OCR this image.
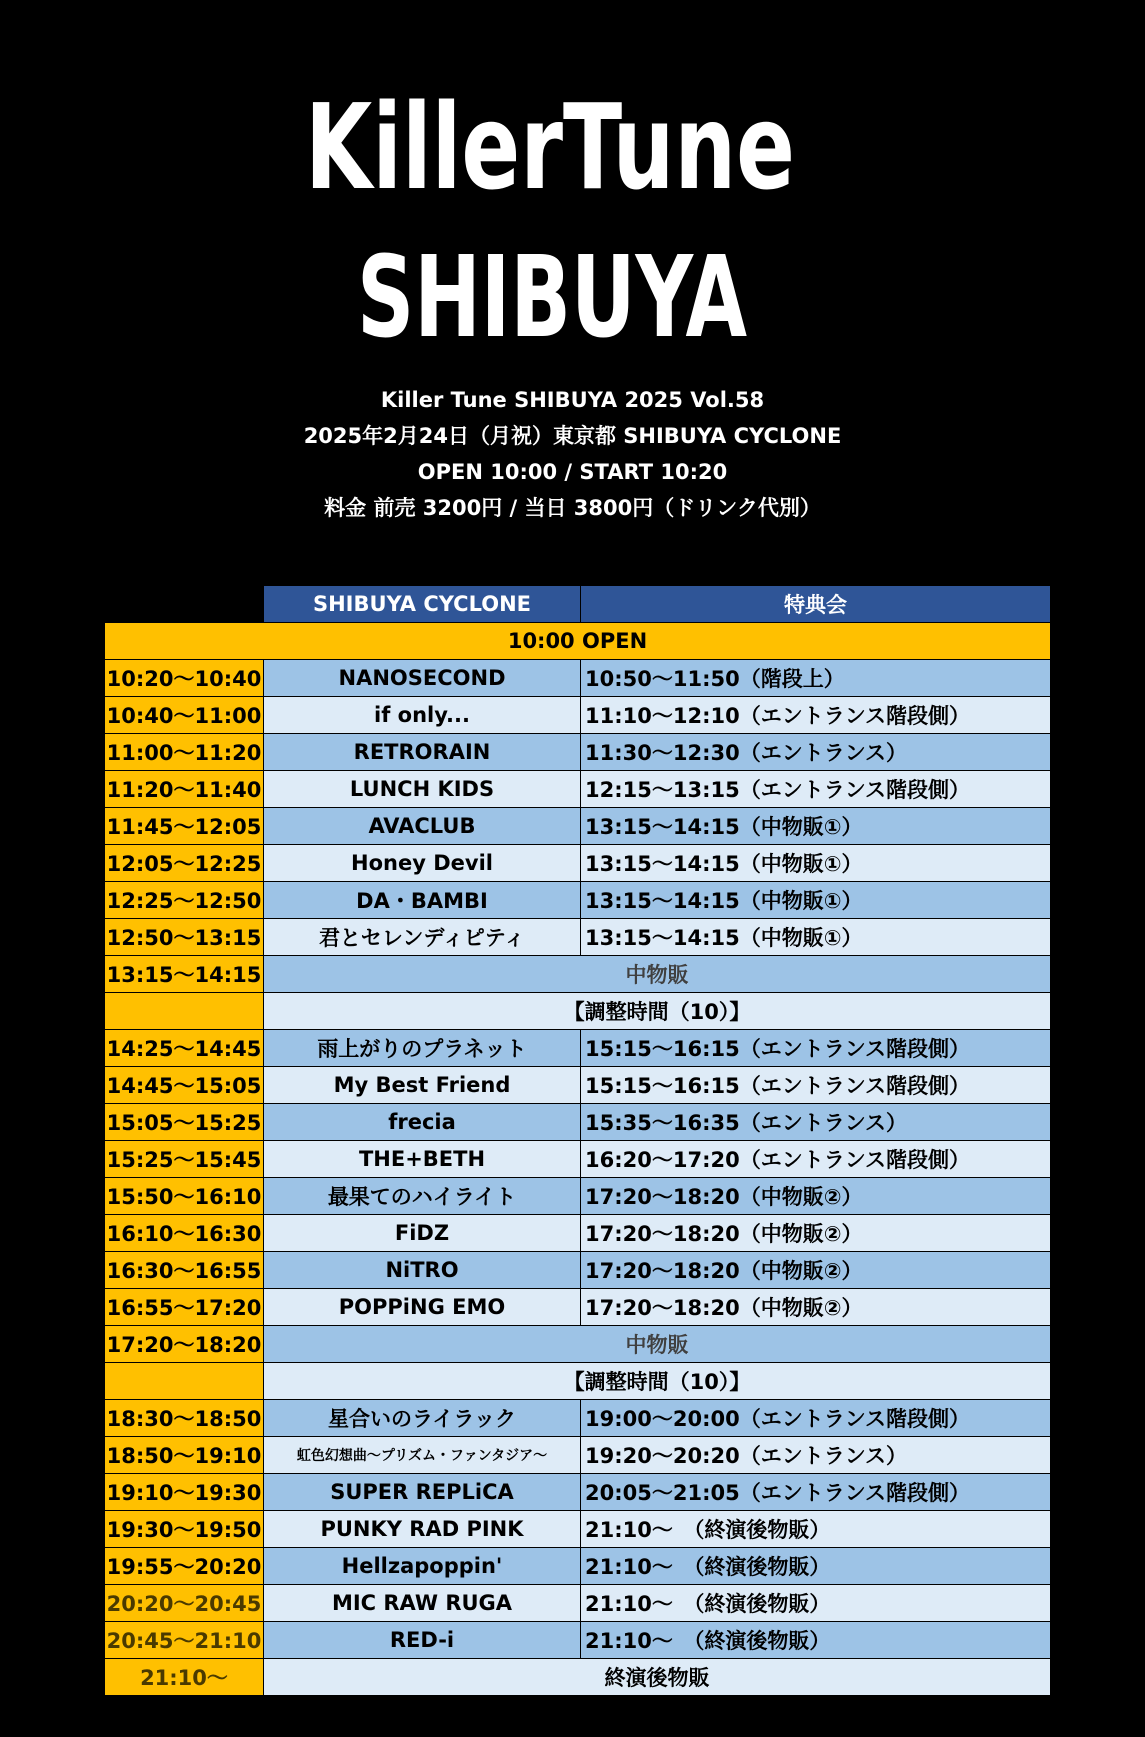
KillerTune
SHIBUYA
Killer Tune SHIBUYA 2025 Vol.58
2025年2月24日（月祝）東京都 SHIBUYA CYCLONE
OPEN 10:00 / START 10:20
料金 前売 3200円 / 当日 3800円（ドリンク代別）
	SHIBUYA CYCLONE	特典会
10:00 OPEN		
10:20～10:40	NANOSECOND	10:50～11:50（階段上）
10:40～11:00	if only...	11:10～12:10（エントランス階段側）
11:00～11:20	RETRORAIN	11:30～12:30（エントランス）
11:20～11:40	LUNCH KIDS	12:15～13:15（エントランス階段側）
11:45～12:05	AVACLUB	13:15～14:15（中物販①）
12:05～12:25	Honey Devil	13:15～14:15（中物販①）
12:25～12:50	DA・BAMBI	13:15～14:15（中物販①）
12:50～13:15	君とセレンディピティ	13:15～14:15（中物販①）
13:15～14:15	中物販	
	【調整時間（10）】	
14:25～14:45	雨上がりのプラネット	15:15～16:15（エントランス階段側）
14:45～15:05	My Best Friend	15:15～16:15（エントランス階段側）
15:05～15:25	frecia	15:35～16:35（エントランス）
15:25～15:45	THE+BETH	16:20～17:20（エントランス階段側）
15:50～16:10	最果てのハイライト	17:20～18:20（中物販②）
16:10～16:30	FiDZ	17:20～18:20（中物販②）
16:30～16:55	NiTRO	17:20～18:20（中物販②）
16:55～17:20	POPPiNG EMO	17:20～18:20（中物販②）
17:20～18:20	中物販	
	【調整時間（10）】	
18:30～18:50	星合いのライラック	19:00～20:00（エントランス階段側）
18:50～19:10	虹色幻想曲～プリズム・ファンタジア～	19:20～20:20（エントランス）
19:10～19:30	SUPER REPLiCA	20:05～21:05（エントランス階段側）
19:30～19:50	PUNKY RAD PINK	21:10～　（終演後物販）
19:55～20:20	Hellzapoppin'	21:10～　（終演後物販）
20:20～20:45	MIC RAW RUGA	21:10～　（終演後物販）
20:45～21:10	RED-i	21:10～　（終演後物販）
21:10～	終演後物販	
